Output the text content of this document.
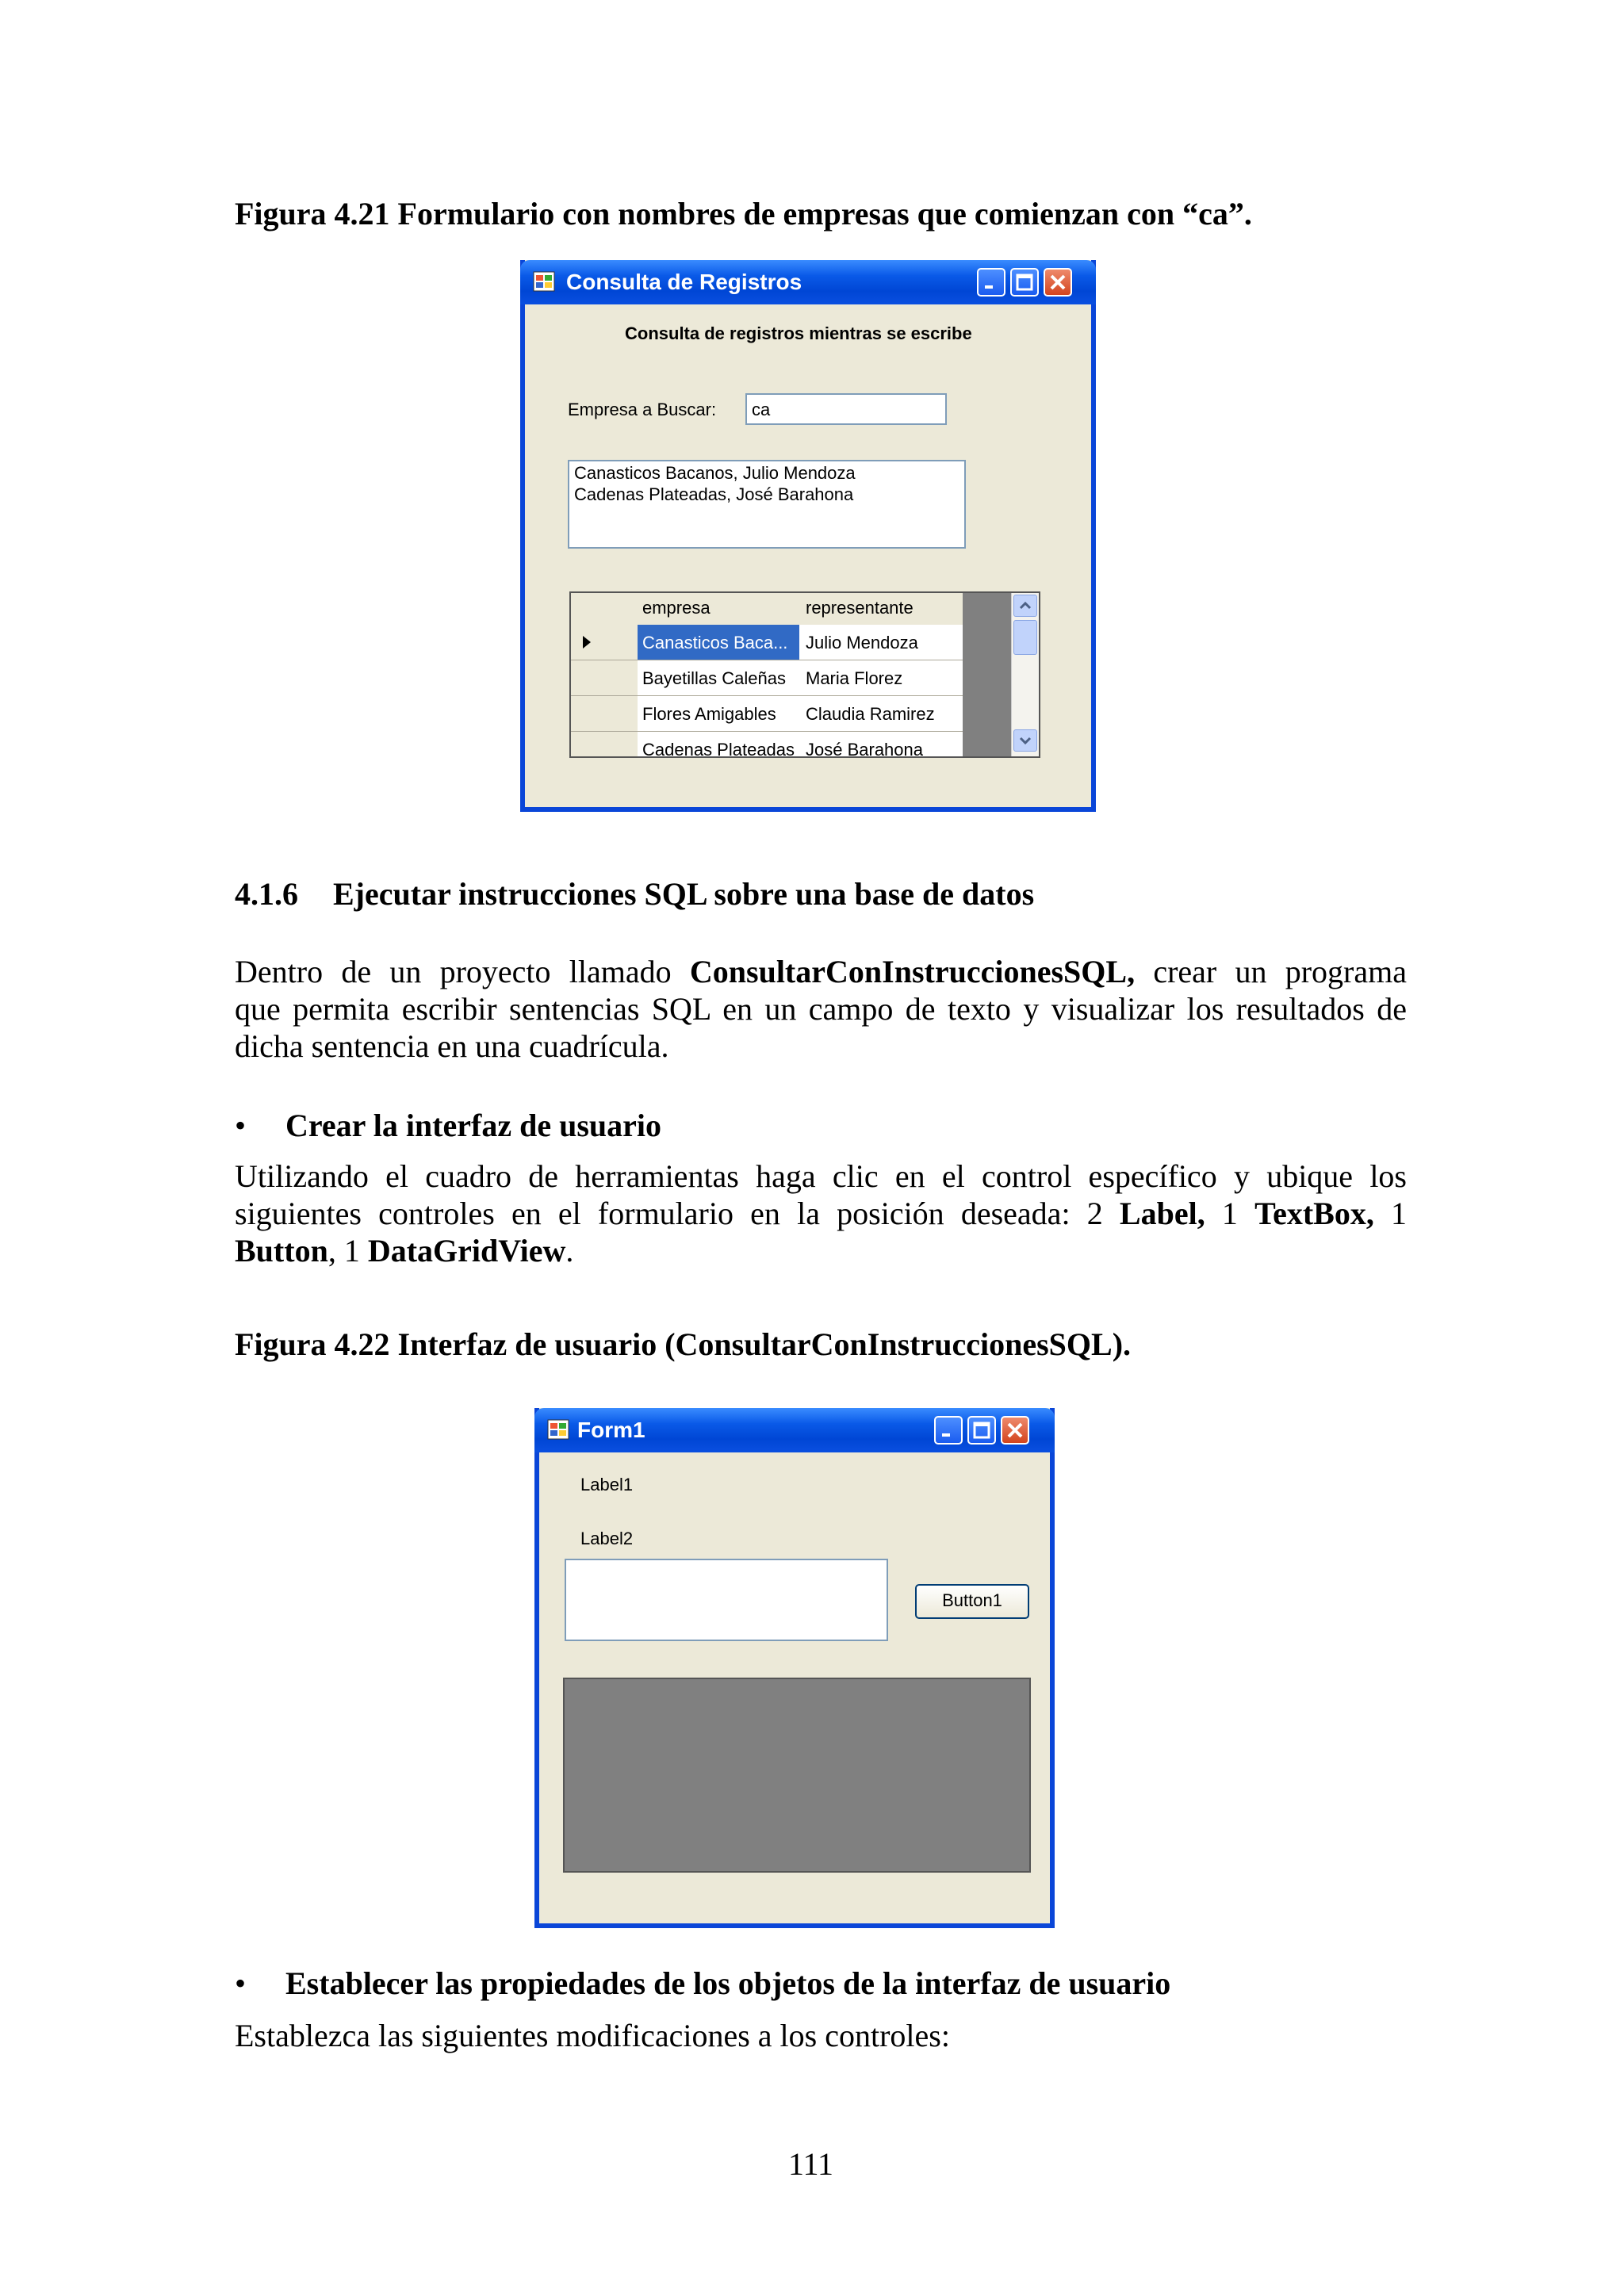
Figura 4.21 Formulario con nombres de empresas que comienzan con “ca”.
Consulta de Registros
Consulta de registros mientras se escribe
Empresa a Buscar: ca
Canasticos Bacanos, Julio Mendoza
Cadenas Plateadas, José Barahona
empresa	representante
Canasticos Baca... Julio Mendoza
Bayetillas Caleñas Maria Florez
Flores Amigables Claudia Ramirez
Cadenas Plateadas José Barahona
4.1.6 Ejecutar instrucciones SQL sobre una base de datos
Dentro de un proyecto llamado ConsultarConInstruccionesSQL, crear un programa
que permita escribir sentencias SQL en un campo de texto y visualizar los resultados de
dicha sentencia en una cuadrícula.
• Crear la interfaz de usuario
Utilizando el cuadro de herramientas haga clic en el control específico y ubique los
siguientes controles en el formulario en la posición deseada: 2 Label, 1 TextBox, 1
Button, 1 DataGridView.
Figura 4.22 Interfaz de usuario (ConsultarConInstruccionesSQL).
Form1
Label1
Label2
Button1
• Establecer las propiedades de los objetos de la interfaz de usuario
Establezca las siguientes modificaciones a los controles:
111
